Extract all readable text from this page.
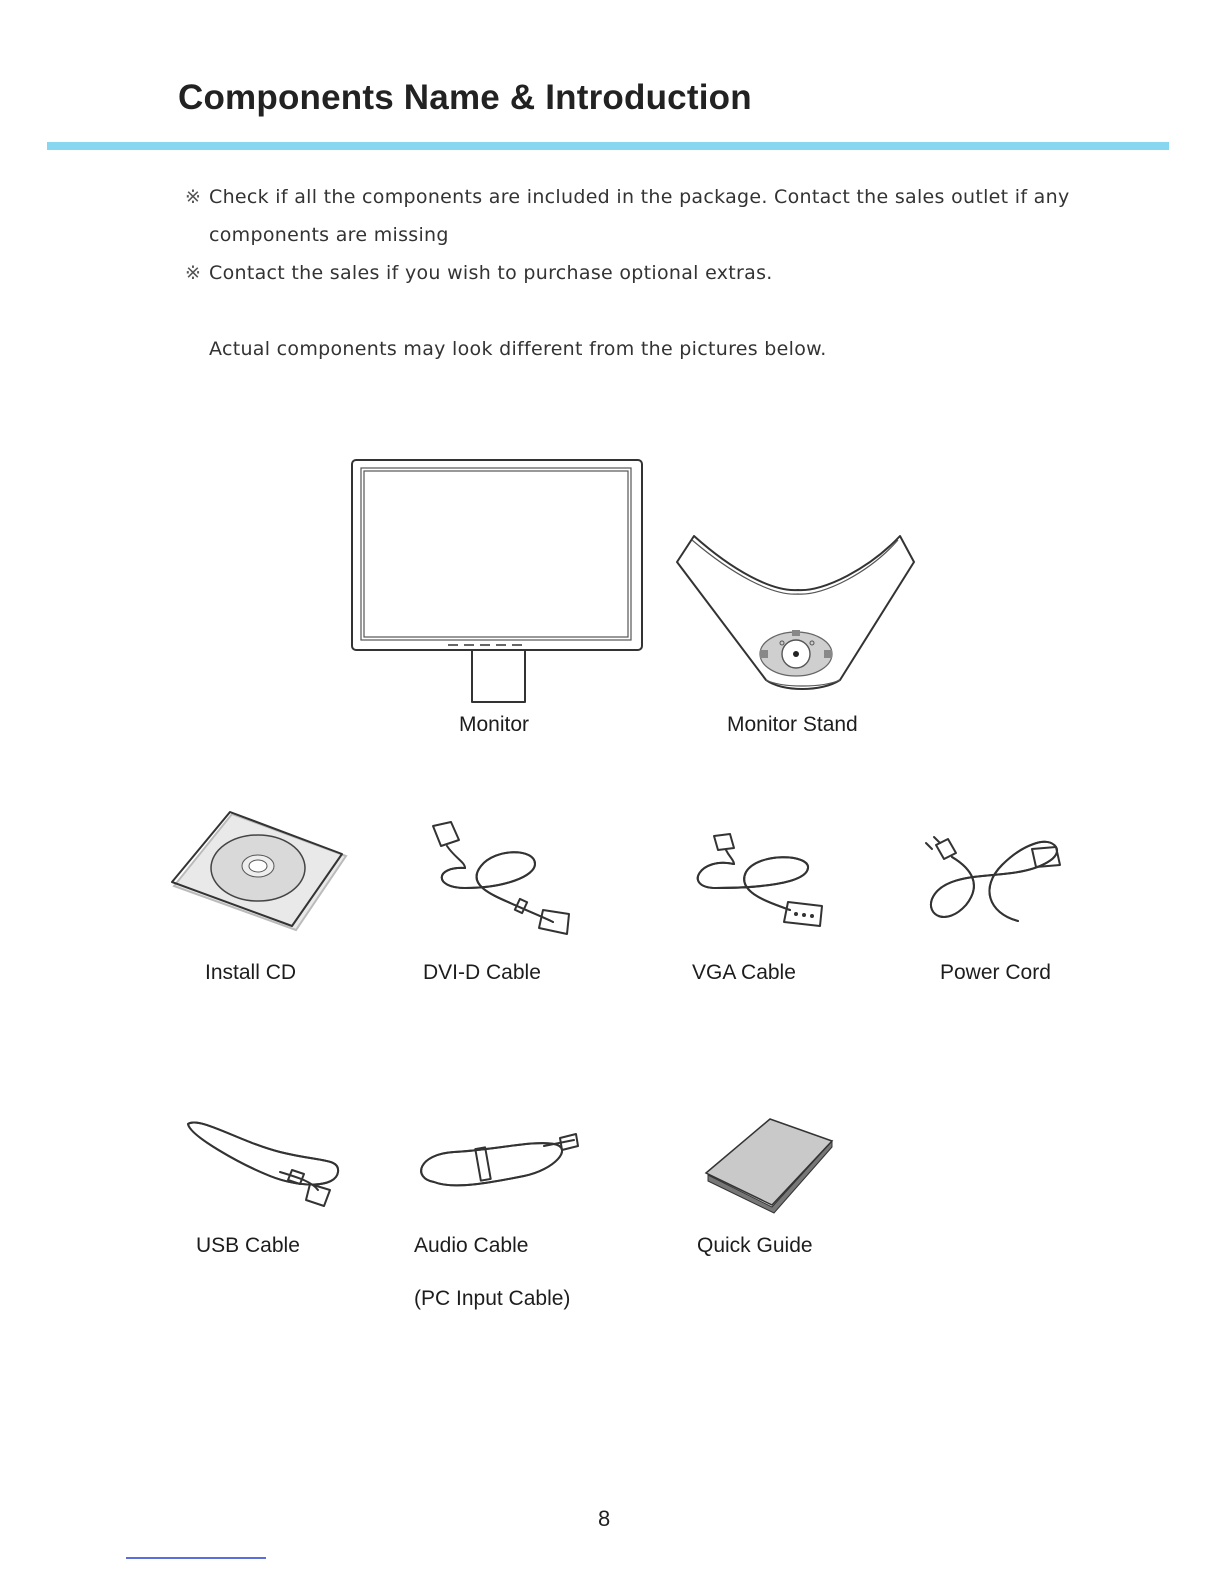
Components Name & Introduction
※ Check if all the components are included in the package. Contact the sales outlet if any
components are missing
※ Contact the sales if you wish to purchase optional extras.
Actual components may look different from the pictures below.
Monitor	Monitor Stand
Install CD	DVI-D Cable	VGA Cable	Power Cord
USB Cable	Audio Cable
(PC Input Cable)
Quick Guide
8
